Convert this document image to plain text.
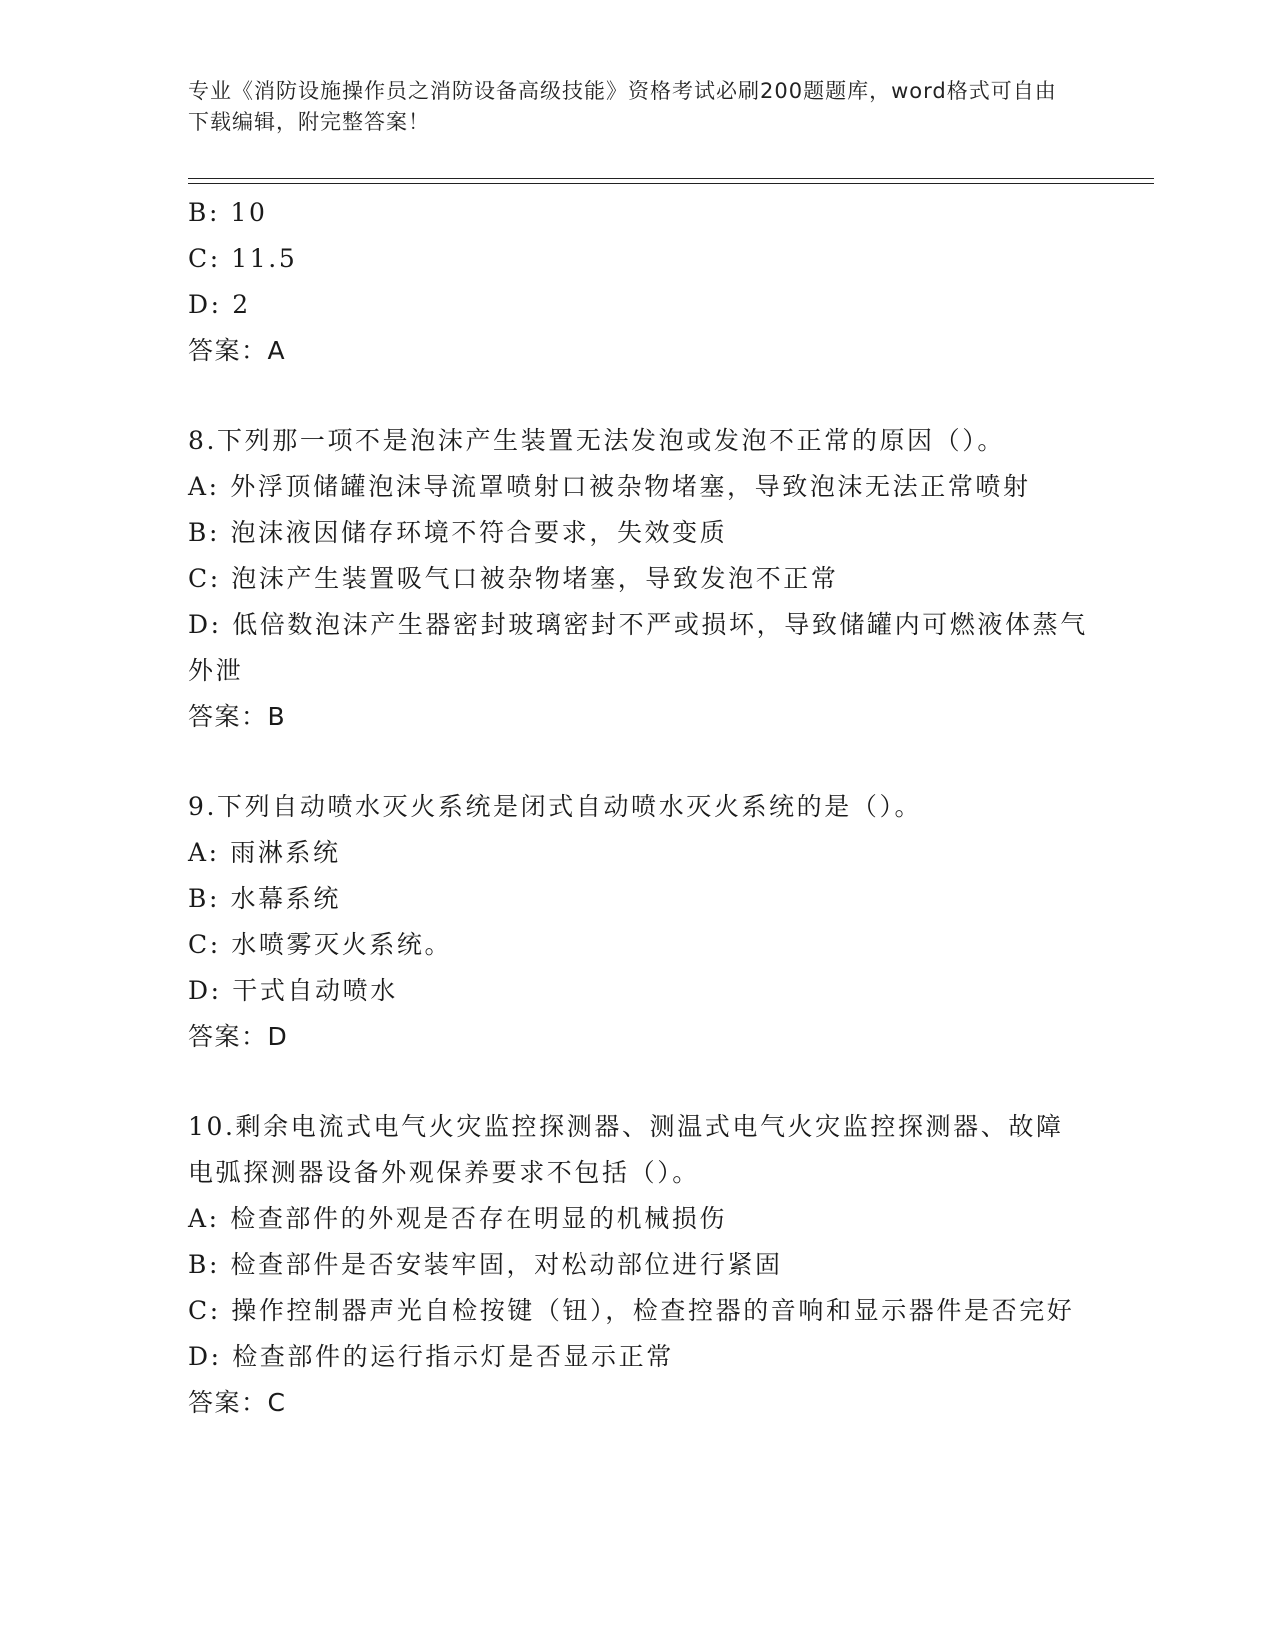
专业《消防设施操作员之消防设备高级技能》资格考试必刷200题题库，word格式可自由下载编辑，附完整答案！
B: 10
C: 11.5
D: 2
答案：A
8.下列那一项不是泡沫产生装置无法发泡或发泡不正常的原因（）。
A: 外浮顶储罐泡沫导流罩喷射口被杂物堵塞，导致泡沫无法正常喷射
B: 泡沫液因储存环境不符合要求，失效变质
C: 泡沫产生装置吸气口被杂物堵塞，导致发泡不正常
D: 低倍数泡沫产生器密封玻璃密封不严或损坏，导致储罐内可燃液体蒸气外泄
答案：B
9.下列自动喷水灭火系统是闭式自动喷水灭火系统的是（）。
A: 雨淋系统
B: 水幕系统
C: 水喷雾灭火系统。
D: 干式自动喷水
答案：D
10.剩余电流式电气火灾监控探测器、测温式电气火灾监控探测器、故障电弧探测器设备外观保养要求不包括（）。
A: 检查部件的外观是否存在明显的机械损伤
B: 检查部件是否安装牢固，对松动部位进行紧固
C: 操作控制器声光自检按键（钮），检查控器的音响和显示器件是否完好
D: 检查部件的运行指示灯是否显示正常
答案：C
